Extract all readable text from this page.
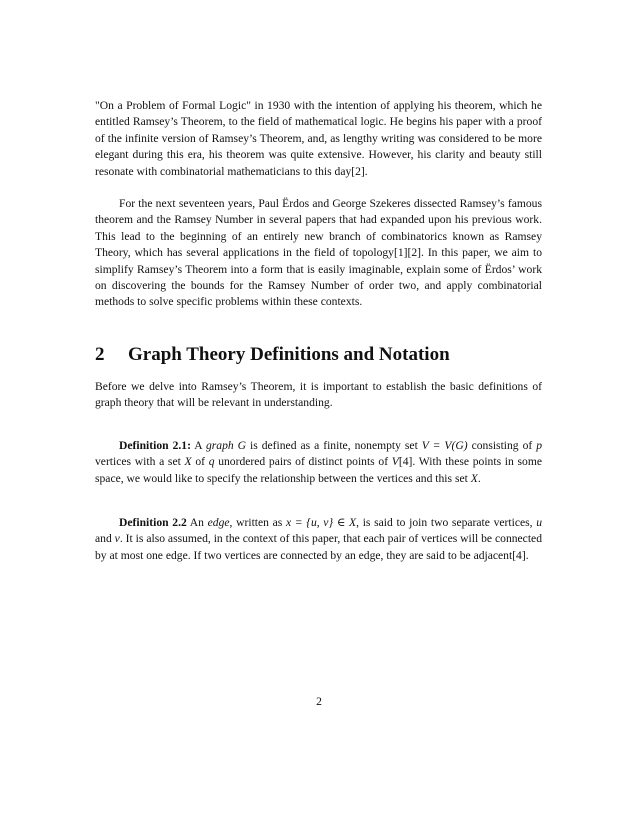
"On a Problem of Formal Logic" in 1930 with the intention of applying his theorem, which he entitled Ramsey’s Theorem, to the field of mathematical logic. He begins his paper with a proof of the infinite version of Ramsey’s Theorem, and, as lengthy writing was considered to be more elegant during this era, his theorem was quite extensive. However, his clarity and beauty still resonate with combinatorial mathematicians to this day[2].

For the next seventeen years, Paul Ërdos and George Szekeres dissected Ramsey’s famous theorem and the Ramsey Number in several papers that had expanded upon his previous work. This lead to the beginning of an entirely new branch of combinatorics known as Ramsey Theory, which has several applications in the field of topology[1][2]. In this paper, we aim to simplify Ramsey’s Theorem into a form that is easily imaginable, explain some of Ërdos’ work on discovering the bounds for the Ramsey Number of order two, and apply combinatorial methods to solve specific problems within these contexts.

2 Graph Theory Definitions and Notation

Before we delve into Ramsey’s Theorem, it is important to establish the basic definitions of graph theory that will be relevant in understanding.

Definition 2.1: A graph G is defined as a finite, nonempty set V = V(G) consisting of p vertices with a set X of q unordered pairs of distinct points of V[4]. With these points in some space, we would like to specify the relationship between the vertices and this set X.

Definition 2.2 An edge, written as x = {u, v} ∈ X, is said to join two separate vertices, u and v. It is also assumed, in the context of this paper, that each pair of vertices will be connected by at most one edge. If two vertices are connected by an edge, they are said to be adjacent[4].

2
